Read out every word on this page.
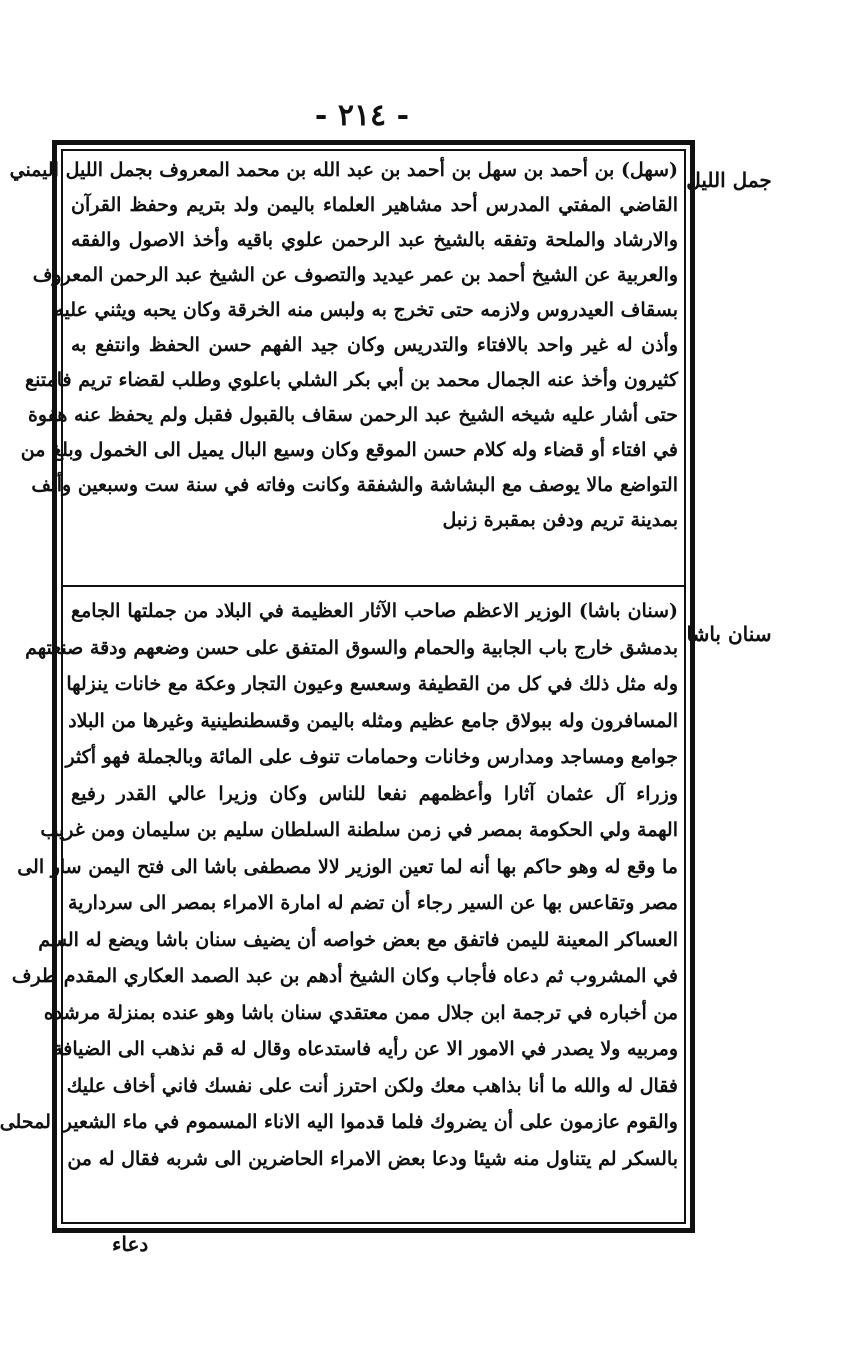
- ٢١٤ -
جمل الليل
سنان باشا
(سهل) بن أحمد بن سهل بن أحمد بن عبد الله بن محمد المعروف بجمل الليل اليمني
القاضي المفتي المدرس أحد مشاهير العلماء باليمن ولد بتريم وحفظ القرآن
والارشاد والملحة وتفقه بالشيخ عبد الرحمن علوي باقيه وأخذ الاصول والفقه
والعربية عن الشيخ أحمد بن عمر عيديد والتصوف عن الشيخ عبد الرحمن المعروف
بسقاف العيدروس ولازمه حتى تخرج به ولبس منه الخرقة وكان يحبه ويثني عليه
وأذن له غير واحد بالافتاء والتدريس وكان جيد الفهم حسن الحفظ وانتفع به
كثيرون وأخذ عنه الجمال محمد بن أبي بكر الشلي باعلوي وطلب لقضاء تريم فامتنع
حتى أشار عليه شيخه الشيخ عبد الرحمن سقاف بالقبول فقبل ولم يحفظ عنه هفوة
في افتاء أو قضاء وله كلام حسن الموقع وكان وسيع البال يميل الى الخمول وبلغ من
التواضع مالا يوصف مع البشاشة والشفقة وكانت وفاته في سنة ست وسبعين وألف
بمدينة تريم ودفن بمقبرة زنبل
(سنان باشا) الوزير الاعظم صاحب الآثار العظيمة في البلاد من جملتها الجامع
بدمشق خارج باب الجابية والحمام والسوق المتفق على حسن وضعهم ودقة صنعتهم
وله مثل ذلك في كل من القطيفة وسعسع وعيون التجار وعكة مع خانات ينزلها
المسافرون وله ببولاق جامع عظيم ومثله باليمن وقسطنطينية وغيرها من البلاد
جوامع ومساجد ومدارس وخانات وحمامات تنوف على المائة وبالجملة فهو أكثر
وزراء آل عثمان آثارا وأعظمهم نفعا للناس وكان وزيرا عالي القدر رفيع
الهمة ولي الحكومة بمصر في زمن سلطنة السلطان سليم بن سليمان ومن غريب
ما وقع له وهو حاكم بها أنه لما تعين الوزير لالا مصطفى باشا الى فتح اليمن سار الى
مصر وتقاعس بها عن السير رجاء أن تضم له امارة الامراء بمصر الى سردارية
العساكر المعينة لليمن فاتفق مع بعض خواصه أن يضيف سنان باشا ويضع له السم
في المشروب ثم دعاه فأجاب وكان الشيخ أدهم بن عبد الصمد العكاري المقدم طرف
من أخباره في ترجمة ابن جلال ممن معتقدي سنان باشا وهو عنده بمنزلة مرشده
ومربيه ولا يصدر في الامور الا عن رأيه فاستدعاه وقال له قم نذهب الى الضيافة
فقال له والله ما أنا بذاهب معك ولكن احترز أنت على نفسك فاني أخاف عليك
والقوم عازمون على أن يضروك فلما قدموا اليه الاناء المسموم في ماء الشعير المحلى
بالسكر لم يتناول منه شيئا ودعا بعض الامراء الحاضرين الى شربه فقال له من
دعاء
